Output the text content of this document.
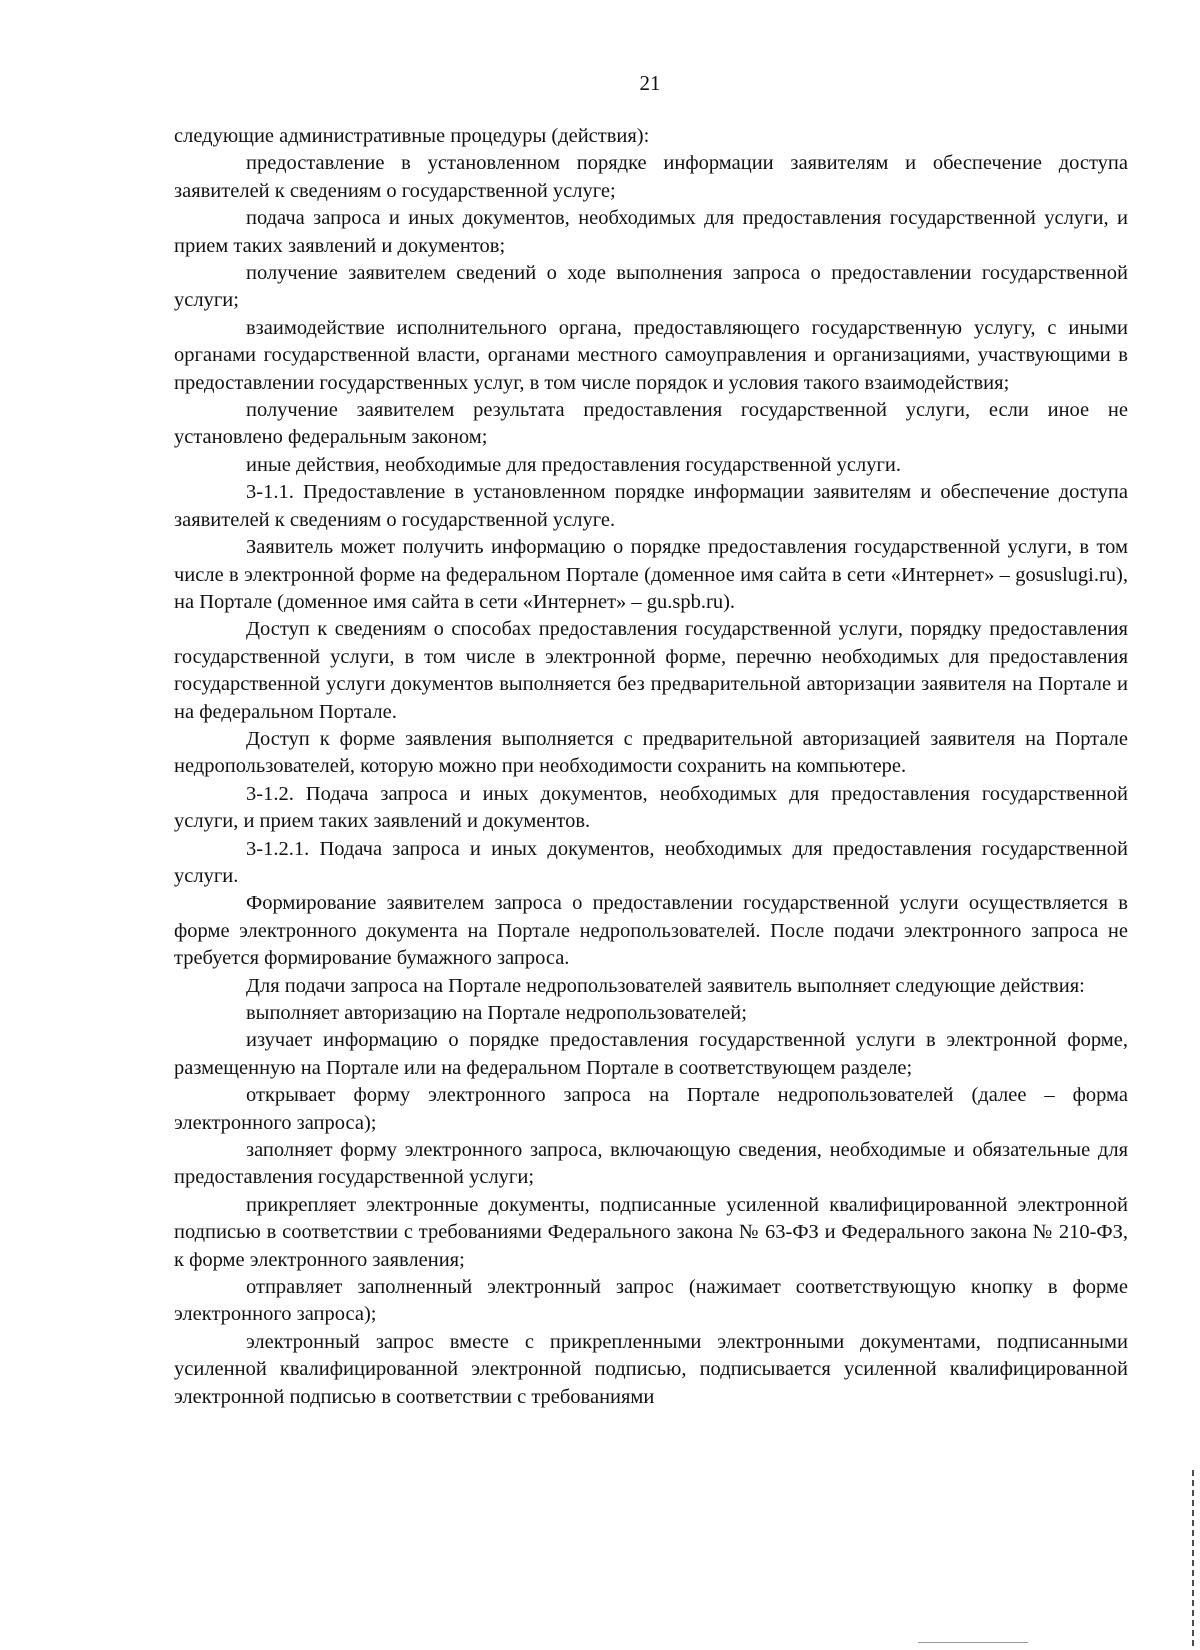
21

следующие административные процедуры (действия):

предоставление в установленном порядке информации заявителям и обеспечение доступа заявителей к сведениям о государственной услуге;

подача запроса и иных документов, необходимых для предоставления государственной услуги, и прием таких заявлений и документов;

получение заявителем сведений о ходе выполнения запроса о предоставлении государственной услуги;

взаимодействие исполнительного органа, предоставляющего государственную услугу, с иными органами государственной власти, органами местного самоуправления и организациями, участвующими в предоставлении государственных услуг, в том числе порядок и условия такого взаимодействия;

получение заявителем результата предоставления государственной услуги, если иное не установлено федеральным законом;

иные действия, необходимые для предоставления государственной услуги.

3-1.1. Предоставление в установленном порядке информации заявителям и обеспечение доступа заявителей к сведениям о государственной услуге.

Заявитель может получить информацию о порядке предоставления государственной услуги, в том числе в электронной форме на федеральном Портале (доменное имя сайта в сети «Интернет» – gosuslugi.ru), на Портале (доменное имя сайта в сети «Интернет» – gu.spb.ru).

Доступ к сведениям о способах предоставления государственной услуги, порядку предоставления государственной услуги, в том числе в электронной форме, перечню необходимых для предоставления государственной услуги документов выполняется без предварительной авторизации заявителя на Портале и на федеральном Портале.

Доступ к форме заявления выполняется с предварительной авторизацией заявителя на Портале недропользователей, которую можно при необходимости сохранить на компьютере.

3-1.2. Подача запроса и иных документов, необходимых для предоставления государственной услуги, и прием таких заявлений и документов.

3-1.2.1. Подача запроса и иных документов, необходимых для предоставления государственной услуги.

Формирование заявителем запроса о предоставлении государственной услуги осуществляется в форме электронного документа на Портале недропользователей. После подачи электронного запроса не требуется формирование бумажного запроса.

Для подачи запроса на Портале недропользователей заявитель выполняет следующие действия:

выполняет авторизацию на Портале недропользователей;

изучает информацию о порядке предоставления государственной услуги в электронной форме, размещенную на Портале или на федеральном Портале в соответствующем разделе;

открывает форму электронного запроса на Портале недропользователей (далее – форма электронного запроса);

заполняет форму электронного запроса, включающую сведения, необходимые и обязательные для предоставления государственной услуги;

прикрепляет электронные документы, подписанные усиленной квалифицированной электронной подписью в соответствии с требованиями Федерального закона № 63-ФЗ и Федерального закона № 210-ФЗ, к форме электронного заявления;

отправляет заполненный электронный запрос (нажимает соответствующую кнопку в форме электронного запроса);

электронный запрос вместе с прикрепленными электронными документами, подписанными усиленной квалифицированной электронной подписью, подписывается усиленной квалифицированной электронной подписью в соответствии с требованиями
